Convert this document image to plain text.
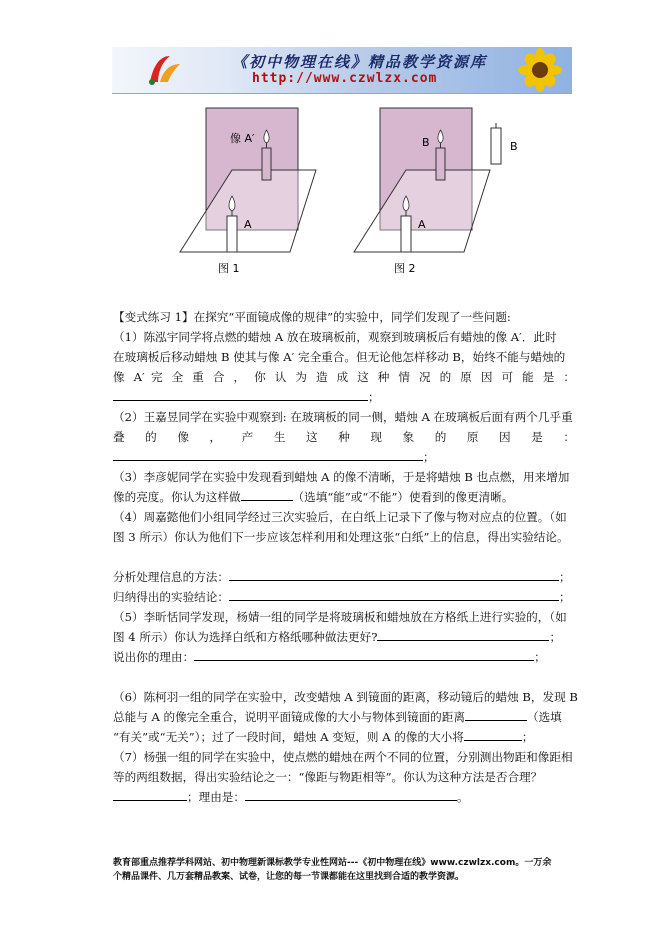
《初中物理在线》精品教学资源库
http://www.czwlzx.com
像 A′
A
图 1
B
A
B
图 2
【变式练习 1】在探究“平面镜成像的规律”的实验中，同学们发现了一些问题:
（1）陈泓宇同学将点燃的蜡烛 A 放在玻璃板前，观察到玻璃板后有蜡烛的像 A′．此时
在玻璃板后移动蜡烛 B 使其与像 A′ 完全重合。但无论他怎样移动 B，始终不能与蜡烛的
像 A′ 完 全 重 合 ， 你 认 为 造 成 这 种 情 况 的 原 因 可 能 是 ：
；
（2）王嘉昱同学在实验中观察到: 在玻璃板的同一侧，蜡烛 A 在玻璃板后面有两个几乎重
叠 的 像 ， 产 生 这 种 现 象 的 原 因 是 ：
；
（3）李彦妮同学在实验中发现看到蜡烛 A 的像不清晰，于是将蜡烛 B 也点燃，用来增加
像的亮度。你认为这样做	（选填“能”或“不能”）使看到的像更清晰。
（4）周嘉懿他们小组同学经过三次实验后，在白纸上记录下了像与物对应点的位置。（如
图 3 所示）你认为他们下一步应该怎样利用和处理这张“白纸”上的信息，得出实验结论。
分析处理信息的方法：	；
归纳得出的实验结论：	；
（5）李昕恬同学发现，杨婧一组的同学是将玻璃板和蜡烛放在方格纸上进行实验的，（如
图 4 所示）你认为选择白纸和方格纸哪种做法更好?	；
说出你的理由：	；
（6）陈柯羽一组的同学在实验中，改变蜡烛 A 到镜面的距离，移动镜后的蜡烛 B，发现 B
总能与 A 的像完全重合，说明平面镜成像的大小与物体到镜面的距离	（选填
“有关”或“无关”）；过了一段时间，蜡烛 A 变短，则 A 的像的大小将	；
（7）杨强一组的同学在实验中，使点燃的蜡烛在两个不同的位置，分别测出物距和像距相
等的两组数据，得出实验结论之一：“像距与物距相等”。你认为这种方法是否合理？
；理由是：	。
教育部重点推荐学科网站、初中物理新课标教学专业性网站---《初中物理在线》www.czwlzx.com。一万余
个精品课件、几万套精品教案、试卷，让您的每一节课都能在这里找到合适的教学资源。
